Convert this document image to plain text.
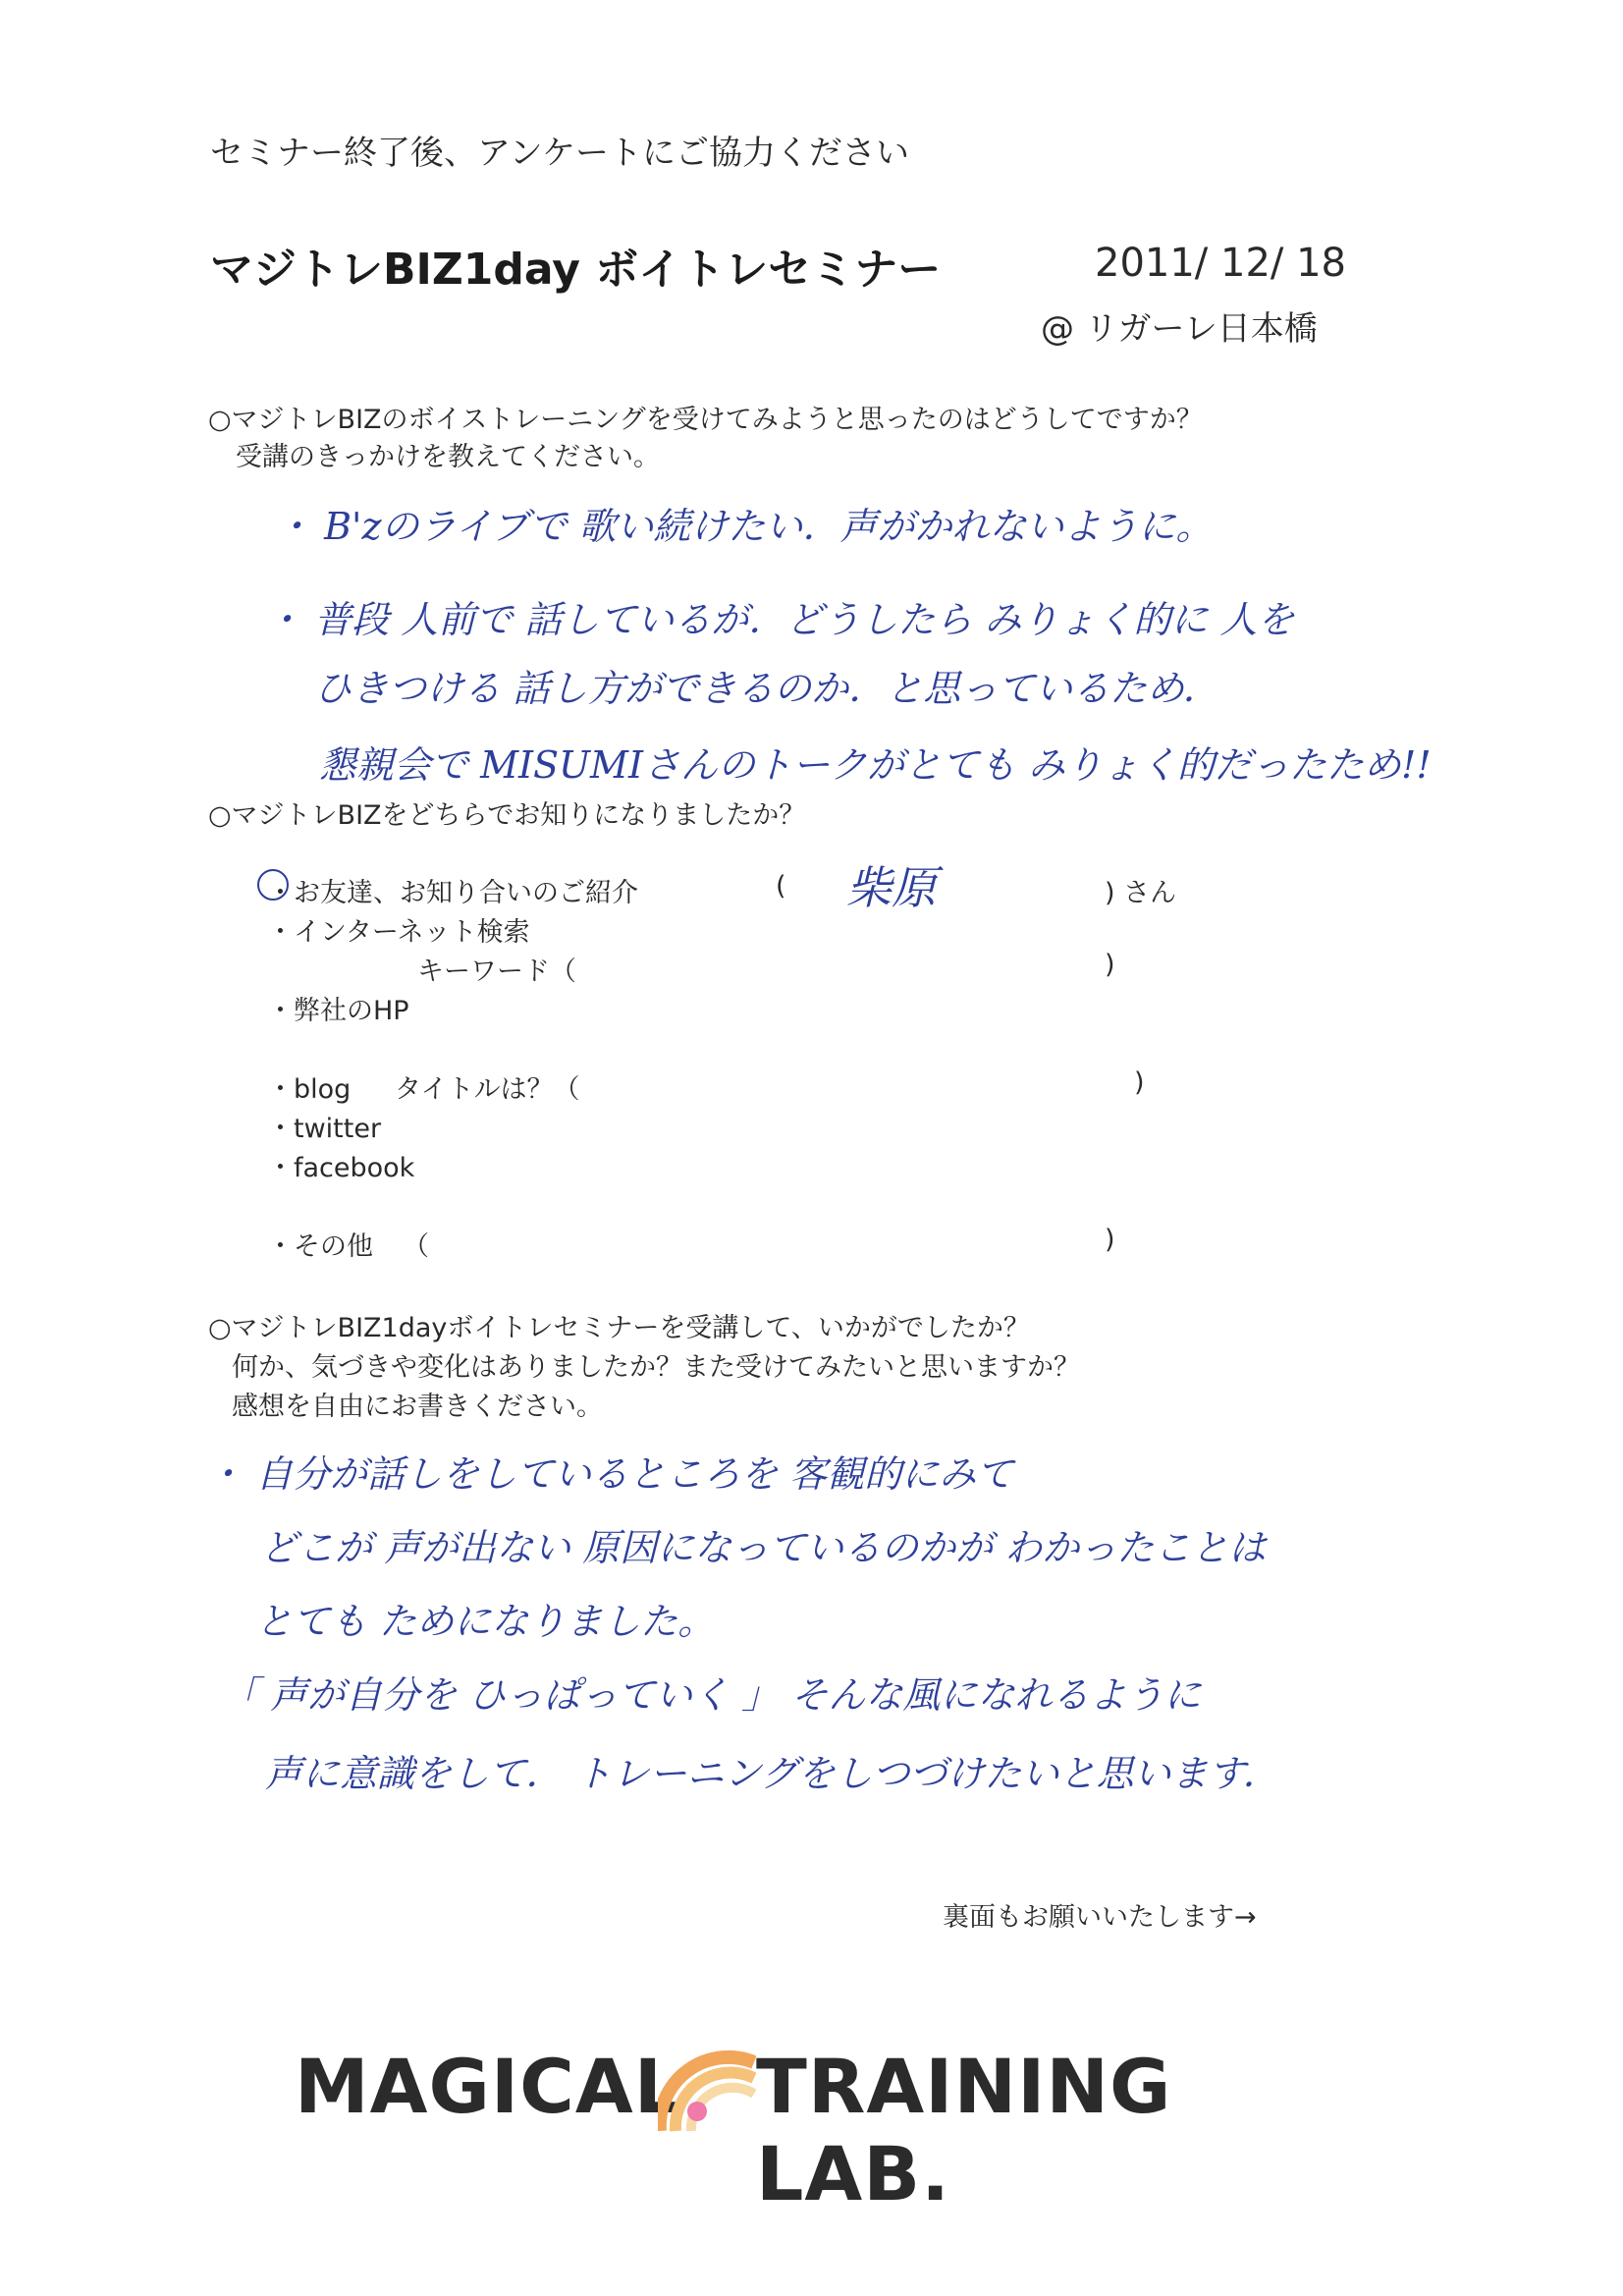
セミナー終了後、アンケートにご協力ください
マジトレBIZ1day ボイトレセミナー	2011/ 12/ 18
@ リガーレ日本橋
○マジトレBIZのボイストレーニングを受けてみようと思ったのはどうしてですか？
受講のきっかけを教えてください。
・ B'zのライブで 歌い続けたい．声がかれないように。
・ 普段 人前で 話しているが．どうしたら みりょく的に 人を
ひきつける 話し方ができるのか．と思っているため．
懇親会で MISUMIさんのトークがとても みりょく的だったため!!
○マジトレBIZをどちらでお知りになりましたか？
・お友達、お知り合いのご紹介	( 柴原	) さん
・インターネット検索
キーワード（	)
・弊社のHP
・blog タイトルは？（	)
・twitter
・facebook
・その他 （	)
○マジトレBIZ1dayボイトレセミナーを受講して、いかがでしたか？
何か、気づきや変化はありましたか？また受けてみたいと思いますか？
感想を自由にお書きください。
・ 自分が話しをしているところを 客観的にみて
どこが 声が出ない 原因になっているのかが わかったことは
とても ためになりました。
「 声が自分を ひっぱっていく 」 そんな風になれるように
声に意識をして． トレーニングをしつづけたいと思います．
裏面もお願いいたします→
MAGICAL TRAINING LAB.
